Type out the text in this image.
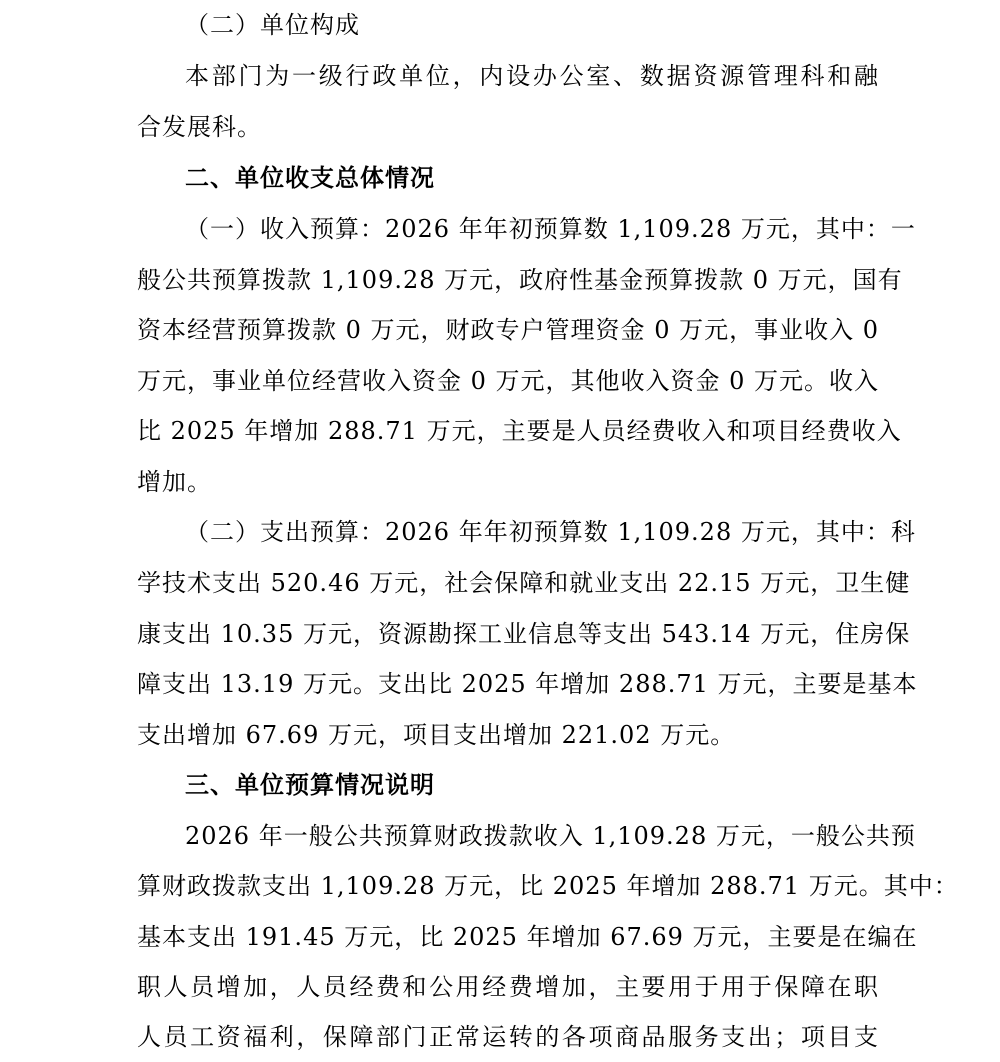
（二）单位构成
本部门为一级行政单位，内设办公室、数据资源管理科和融
合发展科。
二、单位收支总体情况
（一）收入预算：2026 年年初预算数 1,109.28 万元，其中：一
般公共预算拨款 1,109.28 万元，政府性基金预算拨款 0 万元，国有
资本经营预算拨款 0 万元，财政专户管理资金 0 万元，事业收入 0
万元，事业单位经营收入资金 0 万元，其他收入资金 0 万元。收入
比 2025 年增加 288.71 万元，主要是人员经费收入和项目经费收入
增加。
（二）支出预算：2026 年年初预算数 1,109.28 万元，其中：科
学技术支出 520.46 万元，社会保障和就业支出 22.15 万元，卫生健
康支出 10.35 万元，资源勘探工业信息等支出 543.14 万元，住房保
障支出 13.19 万元。支出比 2025 年增加 288.71 万元，主要是基本
支出增加 67.69 万元，项目支出增加 221.02 万元。
三、单位预算情况说明
2026 年一般公共预算财政拨款收入 1,109.28 万元，一般公共预
算财政拨款支出 1,109.28 万元，比 2025 年增加 288.71 万元。其中：
基本支出 191.45 万元，比 2025 年增加 67.69 万元，主要是在编在
职人员增加，人员经费和公用经费增加，主要用于用于保障在职
人员工资福利，保障部门正常运转的各项商品服务支出；项目支
